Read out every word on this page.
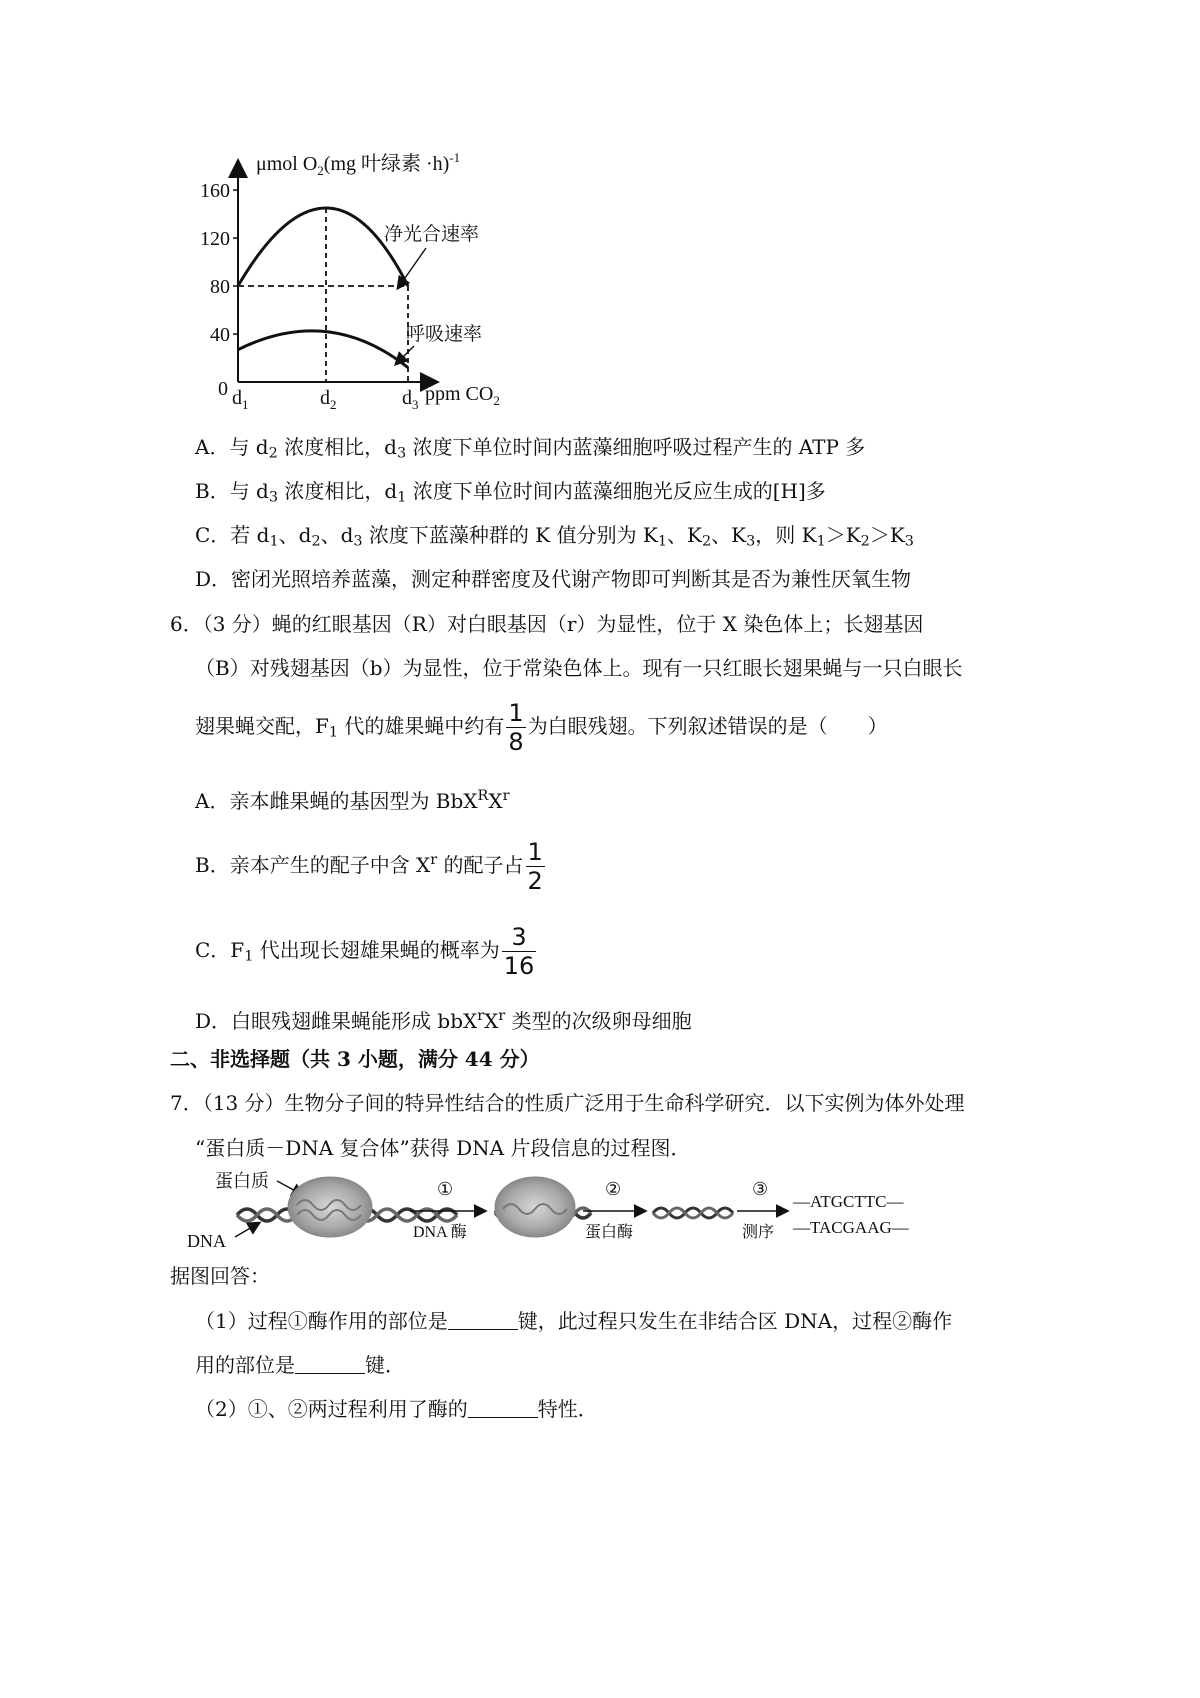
160
120
80
40
$d_1$	$d_2$	$d_3$
净光合速率
呼吸速率
μmol $O_2(mg$ 叶绿素 ·h)$^{-1}$
ppm $CO_2$
0
A．与 $d_2$ 浓度相比，$d_3$ 浓度下单位时间内蓝藻细胞呼吸过程产生的 ATP 多
B．与 $d_3$ 浓度相比，$d_1$ 浓度下单位时间内蓝藻细胞光反应生成的[H]多
C．若 $d_1$、$d_2$、$d_3$ 浓度下蓝藻种群的 K 值分别为 $K_1$、$K_2$、$K_3$，则 $K_1>K_2>K_3$
D．密闭光照培养蓝藻，测定种群密度及代谢产物即可判断其是否为兼性厌氧生物
6．（3 分）蝇的红眼基因（R）对白眼基因（r）为显性，位于 X 染色体上；长翅基因
（B）对残翅基因（b）为显性，位于常染色体上。现有一只红眼长翅果蝇与一只白眼长
翅果蝇交配，$F_1$ 代的雄果蝇中约有 $\frac{1}{8}$ 为白眼残翅。下列叙述错误的是（　　）
A．亲本雌果蝇的基因型为 $BbX^RX^r$
B．亲本产生的配子中含 $X^r$ 的配子占 $\frac{1}{2}$
C．$F_1$ 代出现长翅雄果蝇的概率为 $\frac{3}{16}$
D．白眼残翅雌果蝇能形成 $bbX^rX^r$ 类型的次级卵母细胞
二、非选择题（共 3 小题，满分 44 分）
7．（13 分）生物分子间的特异性结合的性质广泛用于生命科学研究．以下实例为体外处理
“蛋白质－DNA 复合体”获得 DNA 片段信息的过程图．
蛋白质
DNA
①
DNA 酶
②
蛋白酶
③
测序
—ATGCTTC—
—TACGAAG—
据图回答：
（1）过程①酶作用的部位是	键，此过程只发生在非结合区 DNA，过程②酶作
用的部位是	键．
（2）①、②两过程利用了酶的	特性．
